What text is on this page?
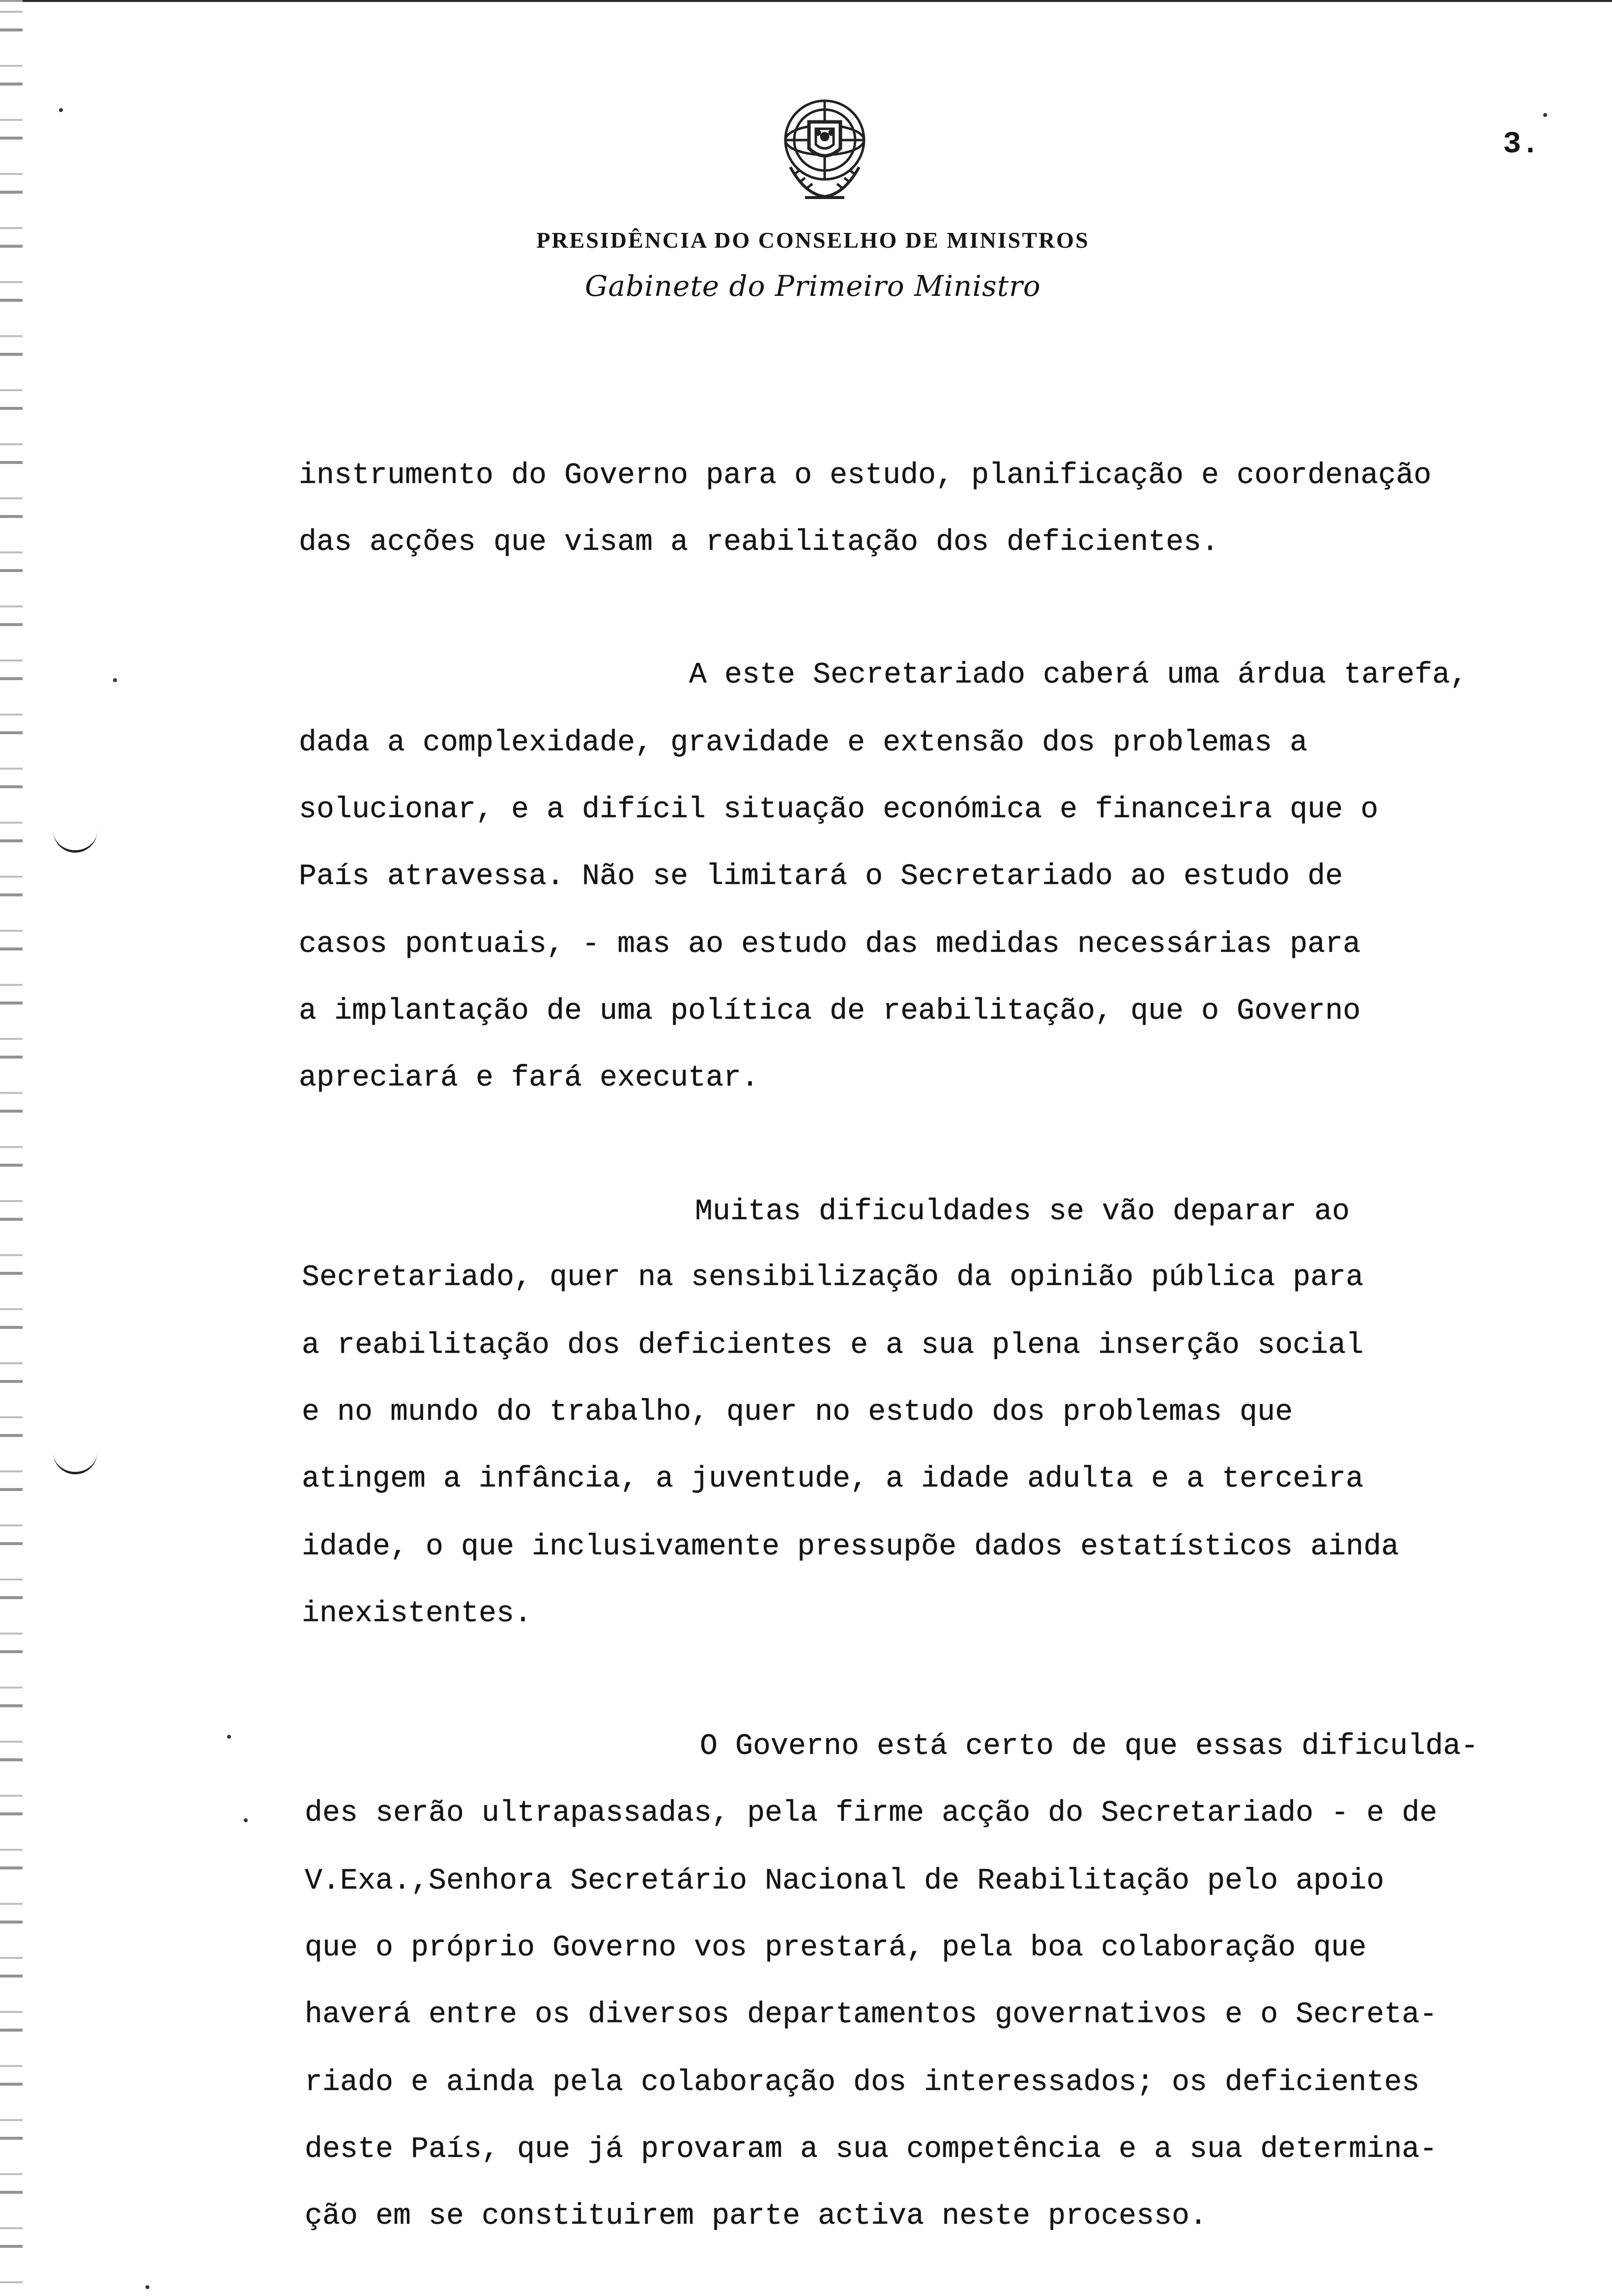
3.
PRESIDÊNCIA DO CONSELHO DE MINISTROS
Gabinete do Primeiro Ministro
instrumento do Governo para o estudo, planificação e coordenação
das acções que visam a reabilitação dos deficientes.
A este Secretariado caberá uma árdua tarefa,
dada a complexidade, gravidade e extensão dos problemas a
solucionar, e a difícil situação económica e financeira que o
País atravessa. Não se limitará o Secretariado ao estudo de
casos pontuais, - mas ao estudo das medidas necessárias para
a implantação de uma política de reabilitação, que o Governo
apreciará e fará executar.
Muitas dificuldades se vão deparar ao
Secretariado, quer na sensibilização da opinião pública para
a reabilitação dos deficientes e a sua plena inserção social
e no mundo do trabalho, quer no estudo dos problemas que
atingem a infância, a juventude, a idade adulta e a terceira
idade, o que inclusivamente pressupõe dados estatísticos ainda
inexistentes.
O Governo está certo de que essas dificulda-
des serão ultrapassadas, pela firme acção do Secretariado - e de
V.Exa.,Senhora Secretário Nacional de Reabilitação pelo apoio
que o próprio Governo vos prestará, pela boa colaboração que
haverá entre os diversos departamentos governativos e o Secreta-
riado e ainda pela colaboração dos interessados; os deficientes
deste País, que já provaram a sua competência e a sua determina-
ção em se constituirem parte activa neste processo.
